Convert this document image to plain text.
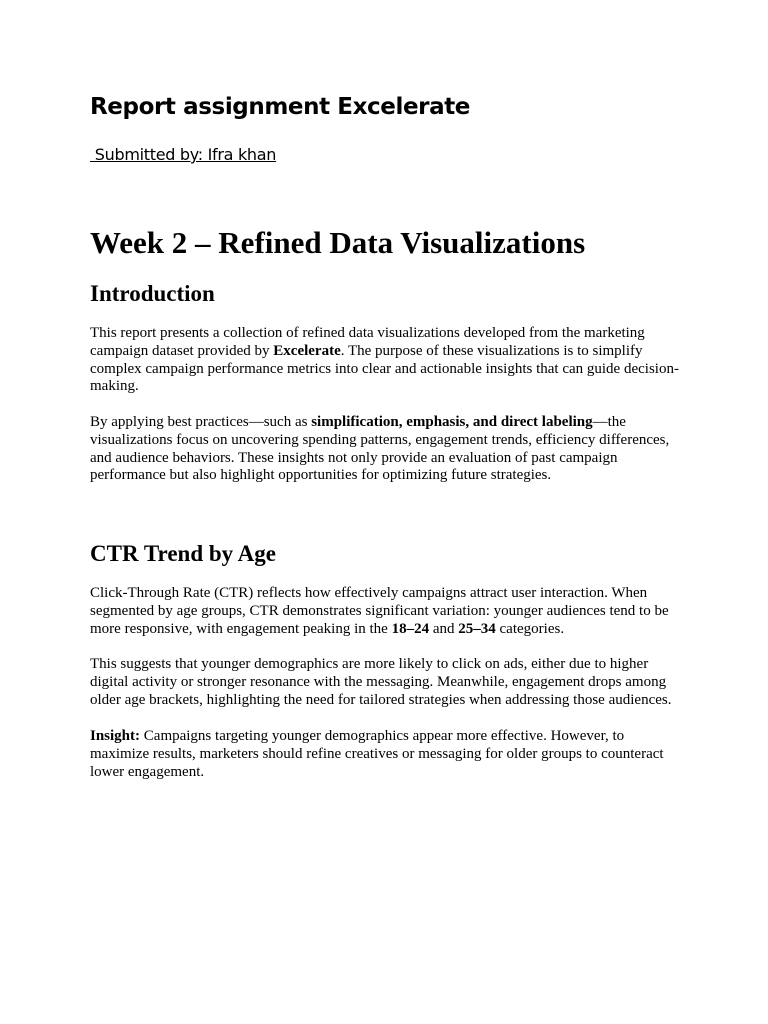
Report assignment Excelerate

Submitted by: Ifra khan

Week 2 – Refined Data Visualizations
Introduction

This report presents a collection of refined data visualizations developed from the marketing campaign dataset provided by Excelerate. The purpose of these visualizations is to simplify complex campaign performance metrics into clear and actionable insights that can guide decision-making.

By applying best practices—such as simplification, emphasis, and direct labeling—the visualizations focus on uncovering spending patterns, engagement trends, efficiency differences, and audience behaviors. These insights not only provide an evaluation of past campaign performance but also highlight opportunities for optimizing future strategies.

CTR Trend by Age

Click-Through Rate (CTR) reflects how effectively campaigns attract user interaction. When segmented by age groups, CTR demonstrates significant variation: younger audiences tend to be more responsive, with engagement peaking in the 18–24 and 25–34 categories.

This suggests that younger demographics are more likely to click on ads, either due to higher digital activity or stronger resonance with the messaging. Meanwhile, engagement drops among older age brackets, highlighting the need for tailored strategies when addressing those audiences.

Insight: Campaigns targeting younger demographics appear more effective. However, to maximize results, marketers should refine creatives or messaging for older groups to counteract lower engagement.
